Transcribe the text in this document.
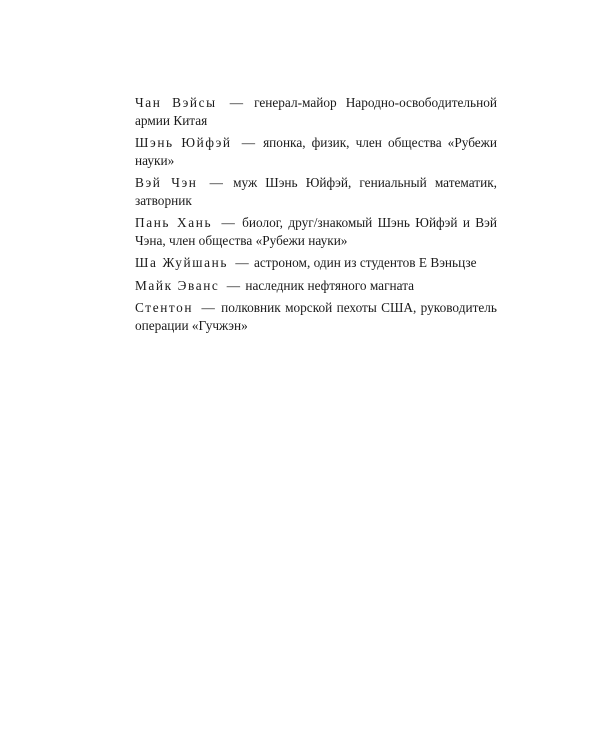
Чан Вэйсы — генерал-майор Народно-освободительной армии Китая

Шэнь Юйфэй — японка, физик, член общества «Рубежи науки»

Вэй Чэн — муж Шэнь Юйфэй, гениальный математик, затворник

Пань Хань — биолог, друг/знакомый Шэнь Юйфэй и Вэй Чэна, член общества «Рубежи науки»

Ша Жуйшань — астроном, один из студентов Е Вэньцзе

Майк Эванс — наследник нефтяного магната

Стентон — полковник морской пехоты США, руководитель операции «Гучжэн»
